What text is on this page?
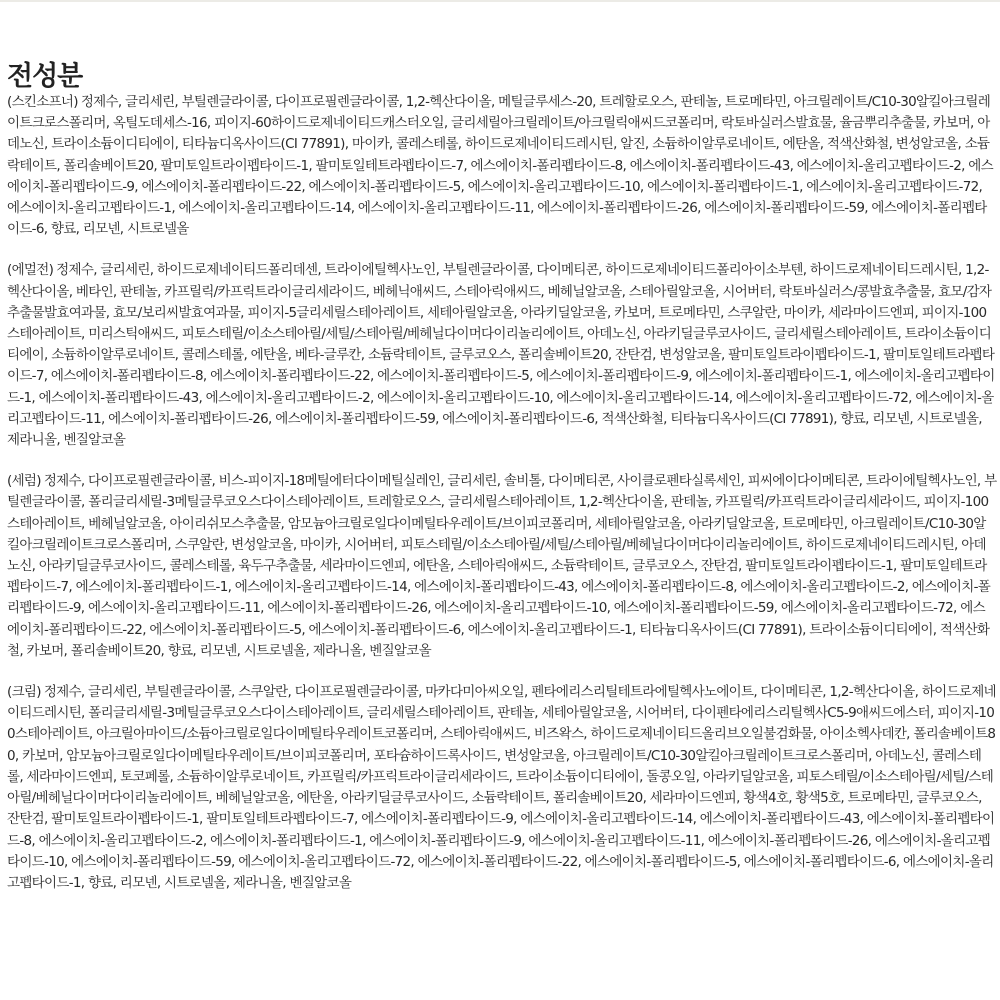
전성분

(스킨소프너) 정제수, 글리세린, 부틸렌글라이콜, 다이프로필렌글라이콜, 1,2-헥산다이올, 메틸글루세스-20, 트레할로오스, 판테놀, 트로메타민, 아크릴레이트/C10-30알킬아크릴레이트크로스폴리머, 옥틸도데세스-16, 피이지-60하이드로제네이티드캐스터오일, 글리세릴아크릴레이트/아크릴릭애씨드코폴리머, 락토바실러스발효물, 율금뿌리추출물, 카보머, 아데노신, 트라이소듐이디티에이, 티타늄디옥사이드(CI 77891), 마이카, 콜레스테롤, 하이드로제네이티드레시틴, 알진, 소듐하이알루로네이트, 에탄올, 적색산화철, 변성알코올, 소듐락테이트, 폴리솔베이트20, 팔미토일트라이펩타이드-1, 팔미토일테트라펩타이드-7, 에스에이치-폴리펩타이드-8, 에스에이치-폴리펩타이드-43, 에스에이치-올리고펩타이드-2, 에스에이치-폴리펩타이드-9, 에스에이치-폴리펩타이드-22, 에스에이치-폴리펩타이드-5, 에스에이치-올리고펩타이드-10, 에스에이치-폴리펩타이드-1, 에스에이치-올리고펩타이드-72, 에스에이치-올리고펩타이드-1, 에스에이치-올리고펩타이드-14, 에스에이치-올리고펩타이드-11, 에스에이치-폴리펩타이드-26, 에스에이치-폴리펩타이드-59, 에스에이치-폴리펩타이드-6, 향료, 리모넨, 시트로넬올

(에멀전) 정제수, 글리세린, 하이드로제네이티드폴리데센, 트라이에틸헥사노인, 부틸렌글라이콜, 다이메티콘, 하이드로제네이티드폴리아이소부텐, 하이드로제네이티드레시틴, 1,2-헥산다이올, 베타인, 판테놀, 카프릴릭/카프릭트라이글리세라이드, 베헤닉애씨드, 스테아릭애씨드, 베헤닐알코올, 스테아릴알코올, 시어버터, 락토바실러스/콩발효추출물, 효모/감자추출물발효여과물, 효모/보리씨발효여과물, 피이지-5글리세릴스테아레이트, 세테아릴알코올, 아라키딜알코올, 카보머, 트로메타민, 스쿠알란, 마이카, 세라마이드엔피, 피이지-100스테아레이트, 미리스틱애씨드, 피토스테릴/이소스테아릴/세틸/스테아릴/베헤닐다이머다이리놀리에이트, 아데노신, 아라키딜글루코사이드, 글리세릴스테아레이트, 트라이소듐이디티에이, 소듐하이알루로네이트, 콜레스테롤, 에탄올, 베타-글루칸, 소듐락테이트, 글루코오스, 폴리솔베이트20, 잔탄검, 변성알코올, 팔미토일트라이펩타이드-1, 팔미토일테트라펩타이드-7, 에스에이치-폴리펩타이드-8, 에스에이치-폴리펩타이드-22, 에스에이치-폴리펩타이드-5, 에스에이치-폴리펩타이드-9, 에스에이치-폴리펩타이드-1, 에스에이치-올리고펩타이드-1, 에스에이치-폴리펩타이드-43, 에스에이치-올리고펩타이드-2, 에스에이치-올리고펩타이드-10, 에스에이치-올리고펩타이드-14, 에스에이치-올리고펩타이드-72, 에스에이치-올리고펩타이드-11, 에스에이치-폴리펩타이드-26, 에스에이치-폴리펩타이드-59, 에스에이치-폴리펩타이드-6, 적색산화철, 티타늄디옥사이드(CI 77891), 향료, 리모넨, 시트로넬올, 제라니올, 벤질알코올

(세럼) 정제수, 다이프로필렌글라이콜, 비스-피이지-18메틸에터다이메틸실레인, 글리세린, 솔비톨, 다이메티콘, 사이클로펜타실록세인, 피씨에이다이메티콘, 트라이에틸헥사노인, 부틸렌글라이콜, 폴리글리세릴-3메틸글루코오스다이스테아레이트, 트레할로오스, 글리세릴스테아레이트, 1,2-헥산다이올, 판테놀, 카프릴릭/카프릭트라이글리세라이드, 피이지-100스테아레이트, 베헤닐알코올, 아이리쉬모스추출물, 암모늄아크릴로일다이메틸타우레이트/브이피코폴리머, 세테아릴알코올, 아라키딜알코올, 트로메타민, 아크릴레이트/C10-30알킬아크릴레이트크로스폴리머, 스쿠알란, 변성알코올, 마이카, 시어버터, 피토스테릴/이소스테아릴/세틸/스테아릴/베헤닐다이머다이리놀리에이트, 하이드로제네이티드레시틴, 아데노신, 아라키딜글루코사이드, 콜레스테롤, 육두구추출물, 세라마이드엔피, 에탄올, 스테아릭애씨드, 소듐락테이트, 글루코오스, 잔탄검, 팔미토일트라이펩타이드-1, 팔미토일테트라펩타이드-7, 에스에이치-폴리펩타이드-1, 에스에이치-올리고펩타이드-14, 에스에이치-폴리펩타이드-43, 에스에이치-폴리펩타이드-8, 에스에이치-올리고펩타이드-2, 에스에이치-폴리펩타이드-9, 에스에이치-올리고펩타이드-11, 에스에이치-폴리펩타이드-26, 에스에이치-올리고펩타이드-10, 에스에이치-폴리펩타이드-59, 에스에이치-올리고펩타이드-72, 에스에이치-폴리펩타이드-22, 에스에이치-폴리펩타이드-5, 에스에이치-폴리펩타이드-6, 에스에이치-올리고펩타이드-1, 티타늄디옥사이드(CI 77891), 트라이소듐이디티에이, 적색산화철, 카보머, 폴리솔베이트20, 향료, 리모넨, 시트로넬올, 제라니올, 벤질알코올

(크림) 정제수, 글리세린, 부틸렌글라이콜, 스쿠알란, 다이프로필렌글라이콜, 마카다미아씨오일, 펜타에리스리틸테트라에틸헥사노에이트, 다이메티콘, 1,2-헥산다이올, 하이드로제네이티드레시틴, 폴리글리세릴-3메틸글루코오스다이스테아레이트, 글리세릴스테아레이트, 판테놀, 세테아릴알코올, 시어버터, 다이펜타에리스리틸헥사C5-9애씨드에스터, 피이지-100스테아레이트, 아크릴아마이드/소듐아크릴로일다이메틸타우레이트코폴리머, 스테아릭애씨드, 비즈왁스, 하이드로제네이티드올리브오일불검화물, 아이소헥사데칸, 폴리솔베이트80, 카보머, 암모늄아크릴로일다이메틸타우레이트/브이피코폴리머, 포타슘하이드록사이드, 변성알코올, 아크릴레이트/C10-30알킬아크릴레이트크로스폴리머, 아데노신, 콜레스테롤, 세라마이드엔피, 토코페롤, 소듐하이알루로네이트, 카프릴릭/카프릭트라이글리세라이드, 트라이소듐이디티에이, 돌콩오일, 아라키딜알코올, 피토스테릴/이소스테아릴/세틸/스테아릴/베헤닐다이머다이리놀리에이트, 베헤닐알코올, 에탄올, 아라키딜글루코사이드, 소듐락테이트, 폴리솔베이트20, 세라마이드엔피, 황색4호, 황색5호, 트로메타민, 글루코오스, 잔탄검, 팔미토일트라이펩타이드-1, 팔미토일테트라펩타이드-7, 에스에이치-폴리펩타이드-9, 에스에이치-올리고펩타이드-14, 에스에이치-폴리펩타이드-43, 에스에이치-폴리펩타이드-8, 에스에이치-올리고펩타이드-2, 에스에이치-폴리펩타이드-1, 에스에이치-폴리펩타이드-9, 에스에이치-올리고펩타이드-11, 에스에이치-폴리펩타이드-26, 에스에이치-올리고펩타이드-10, 에스에이치-폴리펩타이드-59, 에스에이치-올리고펩타이드-72, 에스에이치-폴리펩타이드-22, 에스에이치-폴리펩타이드-5, 에스에이치-폴리펩타이드-6, 에스에이치-올리고펩타이드-1, 향료, 리모넨, 시트로넬올, 제라니올, 벤질알코올
